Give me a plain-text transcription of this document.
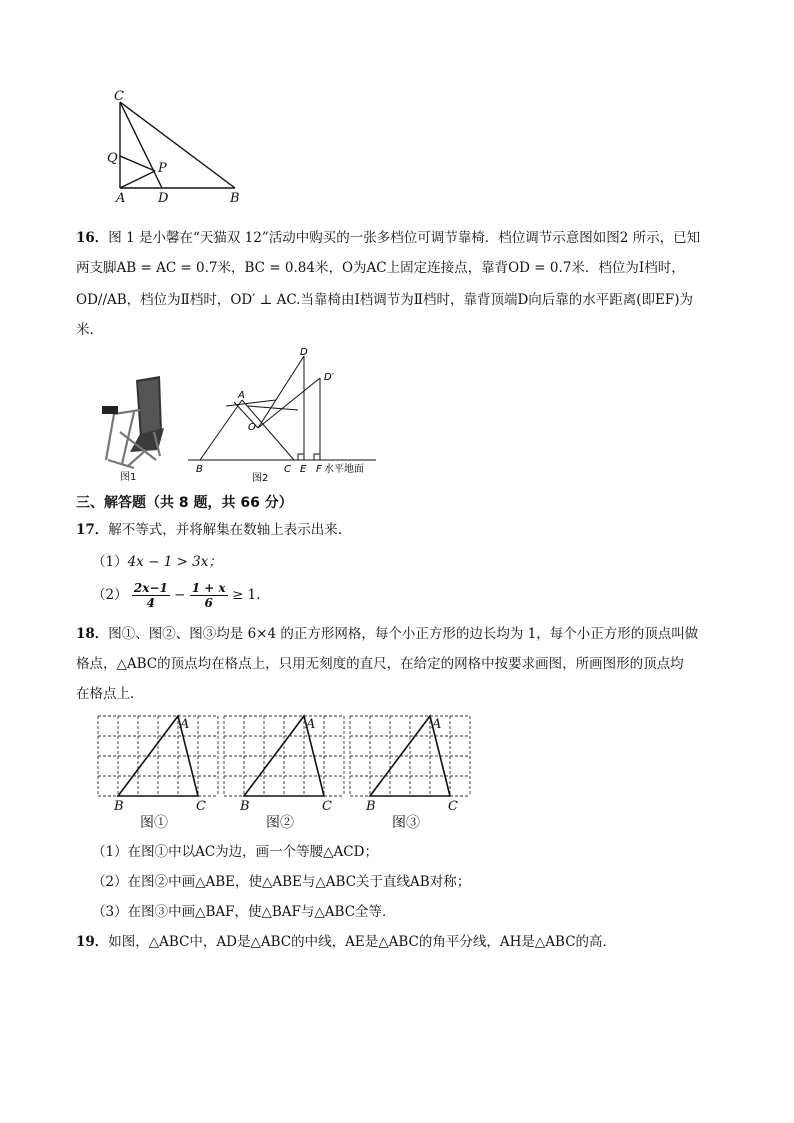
C
Q
P
A	D	B
16．图 1 是小馨在“天猫双 12”活动中购买的一张多档位可调节靠椅．档位调节示意图如图2 所示，已知
两支脚AB = AC = 0.7米，BC = 0.84米，O为AC上固定连接点，靠背OD = 0.7米．档位为Ⅰ档时，
OD//AB，档位为Ⅱ档时，OD′ ⊥ AC.当靠椅由Ⅰ档调节为Ⅱ档时，靠背顶端D向后靠的水平距离(即EF)为
米．
图1
D
D′
A
O
B	C E F 水平地面
图2
三、解答题（共 8 题，共 66 分）
17．解不等式，并将解集在数轴上表示出来.
（1）4x − 1 > 3x；
$(2) \frac{2x-1}{4} - \frac{1 + x}{6} \ge 1$.
18．图①、图②、图③均是 6×4 的正方形网格，每个小正方形的边长均为 1，每个小正方形的顶点叫做
格点，△ABC的顶点均在格点上，只用无刻度的直尺，在给定的网格中按要求画图，所画图形的顶点均
在格点上．
A
B	C
图①
A
B	C
图②
A
B	C
图③
（1）在图①中以AC为边，画一个等腰△ACD；
（2）在图②中画△ABE，使△ABE与△ABC关于直线AB对称；
（3）在图③中画△BAF，使△BAF与△ABC全等．
19．如图，△ABC中，AD是△ABC的中线，AE是△ABC的角平分线，AH是△ABC的高．
